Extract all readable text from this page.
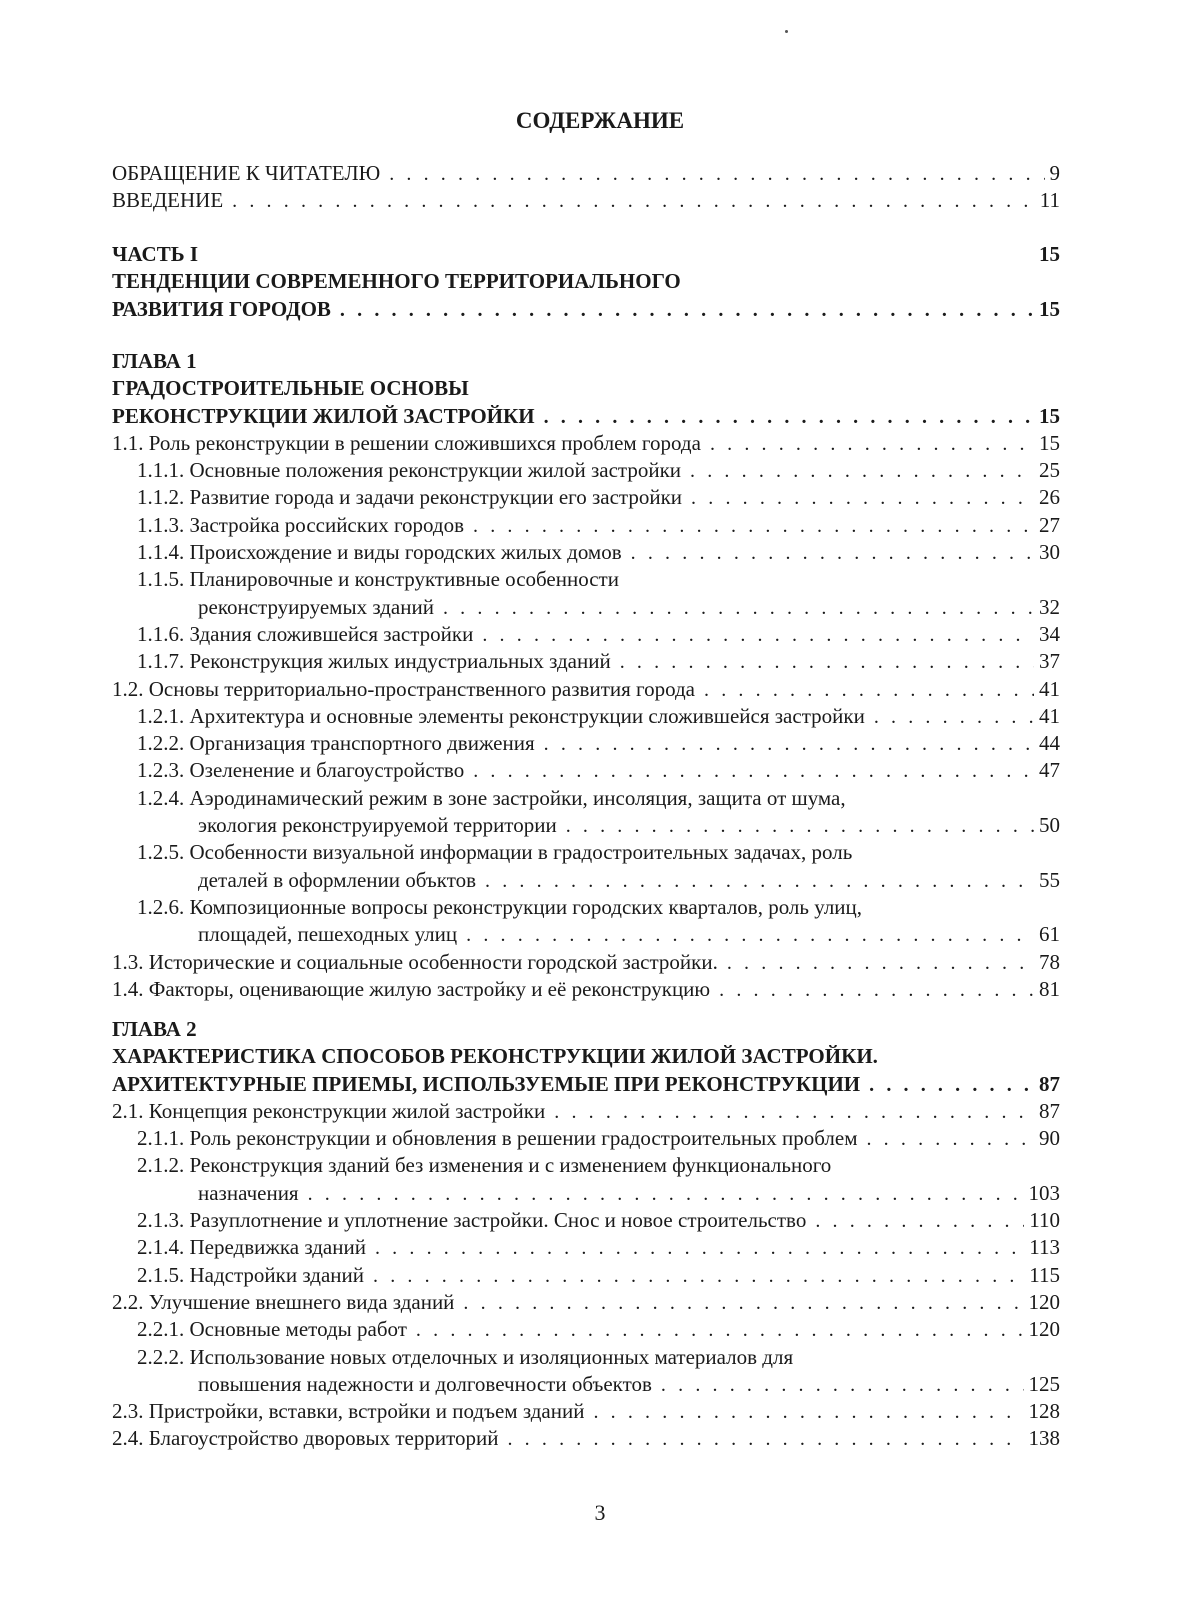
СОДЕРЖАНИЕ
ОБРАЩЕНИЕ К ЧИТАТЕЛЮ . . .	9
ВВЕДЕНИЕ . . .	11
ЧАСТЬ I	15
ТЕНДЕНЦИИ СОВРЕМЕННОГО ТЕРРИТОРИАЛЬНОГО
РАЗВИТИЯ ГОРОДОВ . . .	15
ГЛАВА 1
ГРАДОСТРОИТЕЛЬНЫЕ ОСНОВЫ
РЕКОНСТРУКЦИИ ЖИЛОЙ ЗАСТРОЙКИ . . .	15
1.1. Роль реконструкции в решении сложившихся проблем города . . .	15
1.1.1. Основные положения реконструкции жилой застройки . . .	25
1.1.2. Развитие города и задачи реконструкции его застройки . . .	26
1.1.3. Застройка российских городов . . .	27
1.1.4. Происхождение и виды городских жилых домов . . .	30
1.1.5. Планировочные и конструктивные особенности
реконструируемых зданий . . .	32
1.1.6. Здания сложившейся застройки . . .	34
1.1.7. Реконструкция жилых индустриальных зданий . . .	37
1.2. Основы территориально-пространственного развития города . . .	41
1.2.1. Архитектура и основные элементы реконструкции сложившейся застройки . . .	41
1.2.2. Организация транспортного движения . . .	44
1.2.3. Озеленение и благоустройство . . .	47
1.2.4. Аэродинамический режим в зоне застройки, инсоляция, защита от шума,
экология реконструируемой территории . . .	50
1.2.5. Особенности визуальной информации в градостроительных задачах, роль
деталей в оформлении объктов . . .	55
1.2.6. Композиционные вопросы реконструкции городских кварталов, роль улиц,
площадей, пешеходных улиц . . .	61
1.3. Исторические и социальные особенности городской застройки. . . .	78
1.4. Факторы, оценивающие жилую застройку и её реконструкцию . . .	81
ГЛАВА 2
ХАРАКТЕРИСТИКА СПОСОБОВ РЕКОНСТРУКЦИИ ЖИЛОЙ ЗАСТРОЙКИ.
АРХИТЕКТУРНЫЕ ПРИЕМЫ, ИСПОЛЬЗУЕМЫЕ ПРИ РЕКОНСТРУКЦИИ . . .	87
2.1. Концепция реконструкции жилой застройки . . .	87
2.1.1. Роль реконструкции и обновления в решении градостроительных проблем . . .	90
2.1.2. Реконструкция зданий без изменения и с изменением функционального
назначения . . .	103
2.1.3. Разуплотнение и уплотнение застройки. Снос и новое строительство . . .	110
2.1.4. Передвижка зданий . . .	113
2.1.5. Надстройки зданий . . .	115
2.2. Улучшение внешнего вида зданий . . .	120
2.2.1. Основные методы работ . . .	120
2.2.2. Использование новых отделочных и изоляционных материалов для
повышения надежности и долговечности объектов . . .	125
2.3. Пристройки, вставки, встройки и подъем зданий . . .	128
2.4. Благоустройство дворовых территорий . . .	138
3
